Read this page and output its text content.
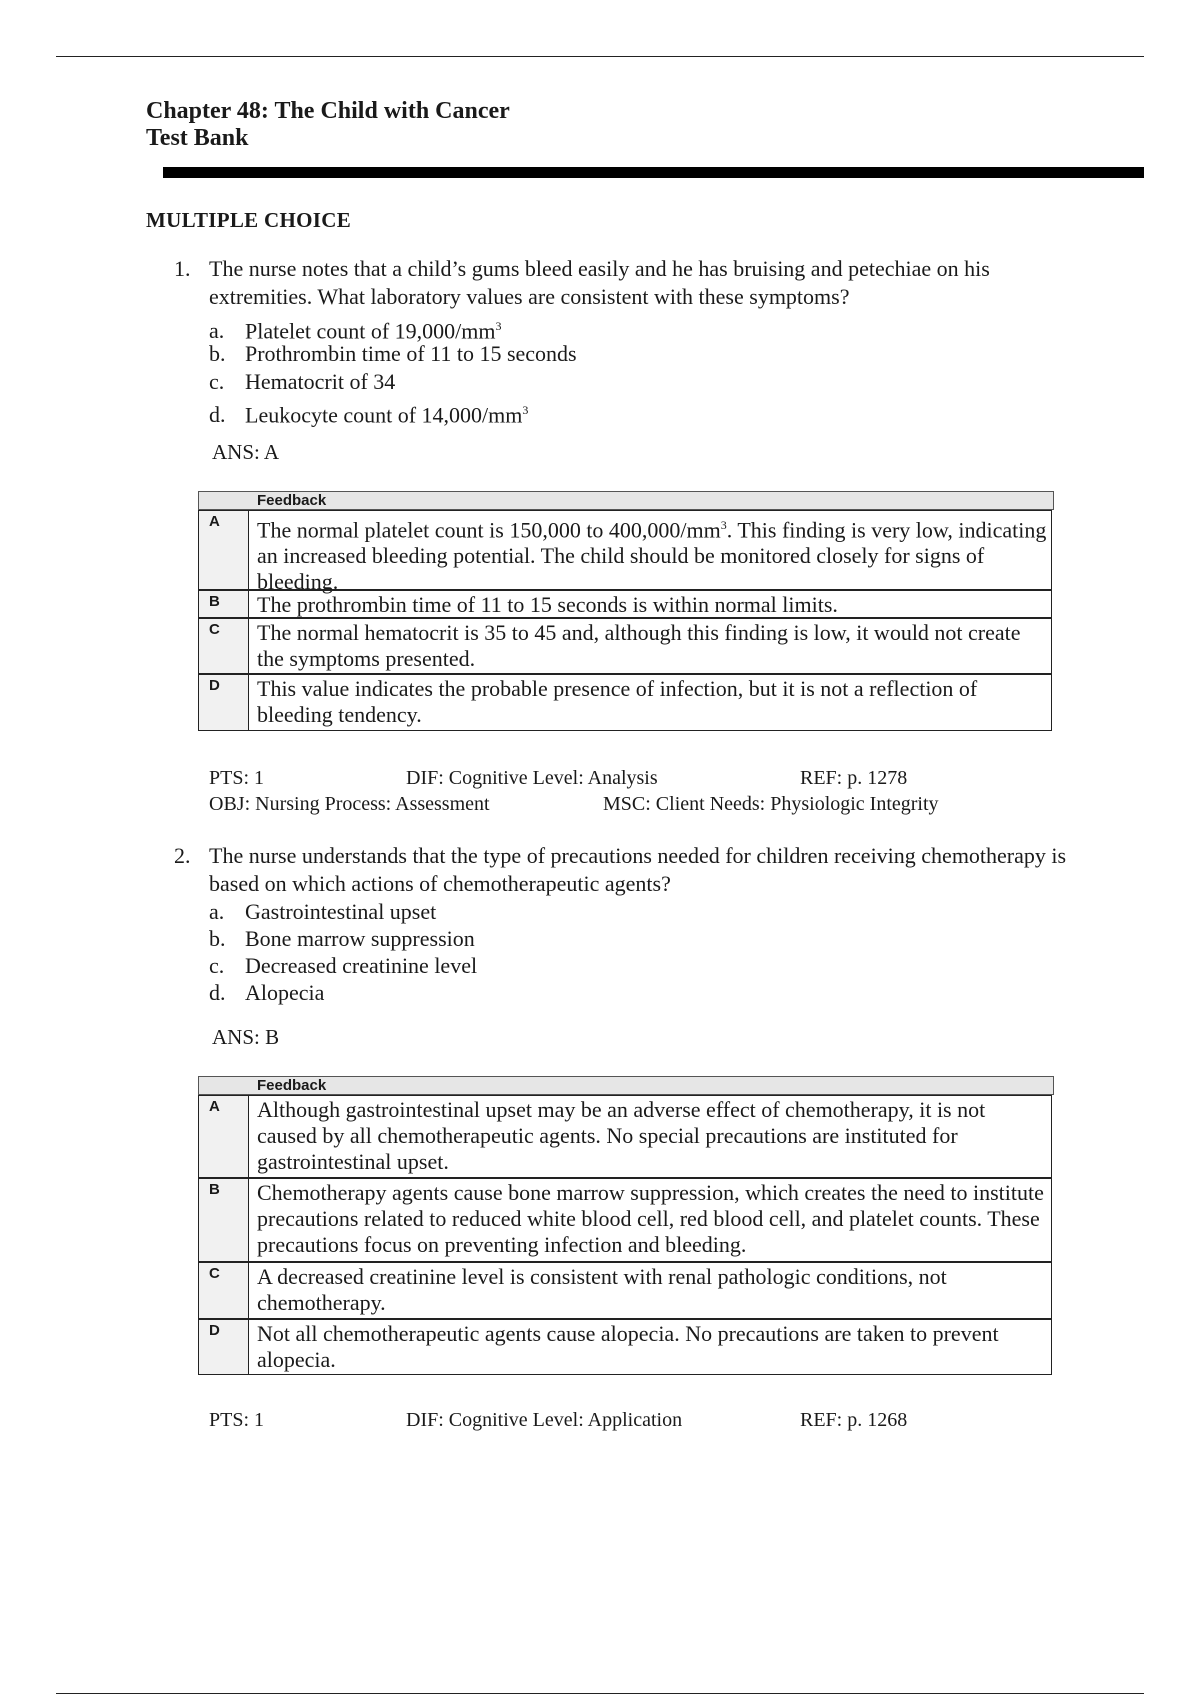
Chapter 48: The Child with Cancer
Test Bank
MULTIPLE CHOICE
1. The nurse notes that a child’s gums bleed easily and he has bruising and petechiae on his extremities. What laboratory values are consistent with these symptoms?
a. Platelet count of $19,000/mm^3$
b. Prothrombin time of 11 to 15 seconds
c. Hematocrit of 34
d. Leukocyte count of $14,000/mm^3$
ANS: A
Feedback
A The normal platelet count is 150,000 to $400,000/mm^3$. This finding is very low, indicating an increased bleeding potential. The child should be monitored closely for signs of bleeding.
B The prothrombin time of 11 to 15 seconds is within normal limits.
C The normal hematocrit is 35 to 45 and, although this finding is low, it would not create the symptoms presented.
D This value indicates the probable presence of infection, but it is not a reflection of bleeding tendency.
PTS: 1	DIF: Cognitive Level: Analysis	REF: p. 1278
OBJ: Nursing Process: Assessment	MSC: Client Needs: Physiologic Integrity
2. The nurse understands that the type of precautions needed for children receiving chemotherapy is based on which actions of chemotherapeutic agents?
a. Gastrointestinal upset
b. Bone marrow suppression
c. Decreased creatinine level
d. Alopecia
ANS: B
Feedback
A Although gastrointestinal upset may be an adverse effect of chemotherapy, it is not caused by all chemotherapeutic agents. No special precautions are instituted for gastrointestinal upset.
B Chemotherapy agents cause bone marrow suppression, which creates the need to institute precautions related to reduced white blood cell, red blood cell, and platelet counts. These precautions focus on preventing infection and bleeding.
C A decreased creatinine level is consistent with renal pathologic conditions, not chemotherapy.
D Not all chemotherapeutic agents cause alopecia. No precautions are taken to prevent alopecia.
PTS: 1	DIF: Cognitive Level: Application	REF: p. 1268
